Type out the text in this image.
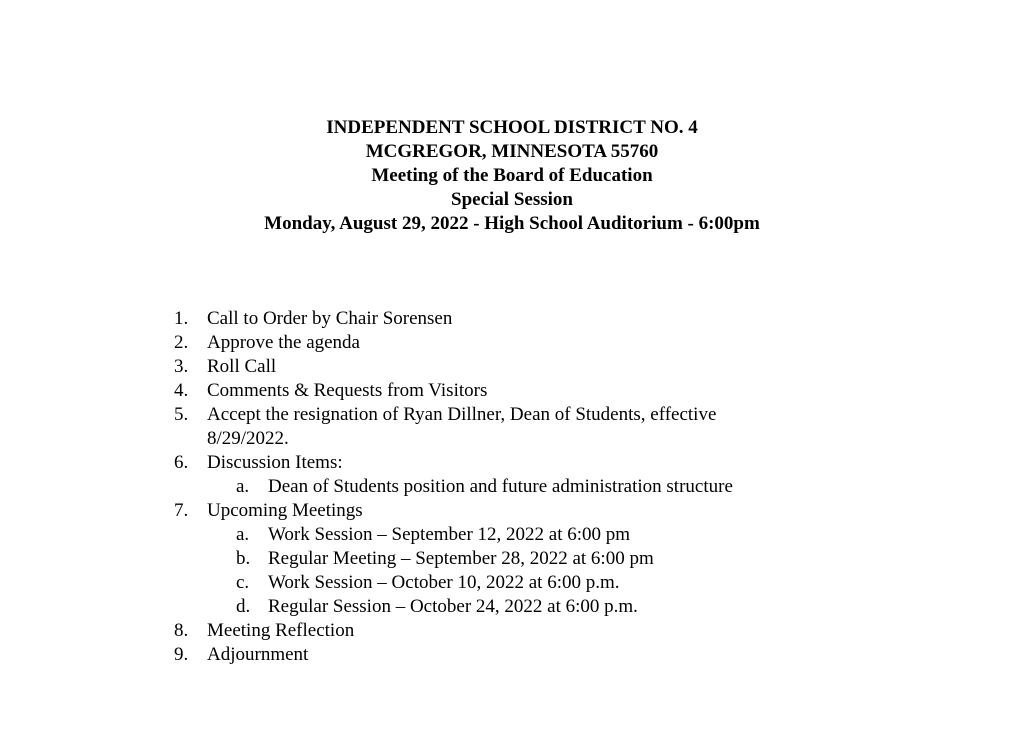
INDEPENDENT SCHOOL DISTRICT NO. 4
MCGREGOR, MINNESOTA 55760
Meeting of the Board of Education
Special Session
Monday, August 29, 2022 - High School Auditorium - 6:00pm
1. Call to Order by Chair Sorensen
2. Approve the agenda
3. Roll Call
4. Comments & Requests from Visitors
5. Accept the resignation of Ryan Dillner, Dean of Students, effective
8/29/2022.
6. Discussion Items:
a. Dean of Students position and future administration structure
7. Upcoming Meetings
a. Work Session – September 12, 2022 at 6:00 pm
b. Regular Meeting – September 28, 2022 at 6:00 pm
c. Work Session – October 10, 2022 at 6:00 p.m.
d. Regular Session – October 24, 2022 at 6:00 p.m.
8. Meeting Reflection
9. Adjournment
